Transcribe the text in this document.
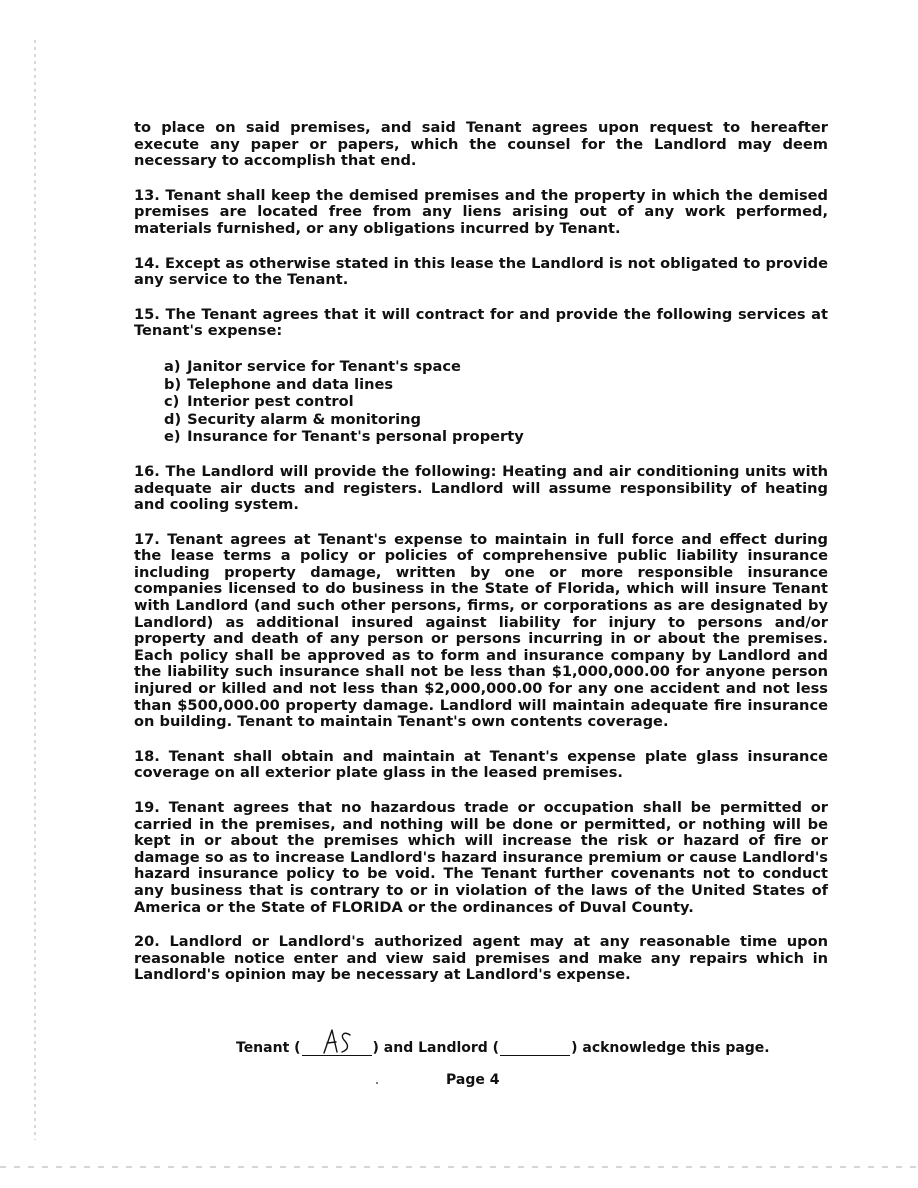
to place on said premises, and said Tenant agrees upon request to hereafter execute any paper or papers, which the counsel for the Landlord may deem necessary to accomplish that end.

13. Tenant shall keep the demised premises and the property in which the demised premises are located free from any liens arising out of any work performed, materials furnished, or any obligations incurred by Tenant.

14. Except as otherwise stated in this lease the Landlord is not obligated to provide any service to the Tenant.

15. The Tenant agrees that it will contract for and provide the following services at Tenant's expense:

a) Janitor service for Tenant's space
b) Telephone and data lines
c) Interior pest control
d) Security alarm & monitoring
e) Insurance for Tenant's personal property

16. The Landlord will provide the following: Heating and air conditioning units with adequate air ducts and registers. Landlord will assume responsibility of heating and cooling system.

17. Tenant agrees at Tenant's expense to maintain in full force and effect during the lease terms a policy or policies of comprehensive public liability insurance including property damage, written by one or more responsible insurance companies licensed to do business in the State of Florida, which will insure Tenant with Landlord (and such other persons, firms, or corporations as are designated by Landlord) as additional insured against liability for injury to persons and/or property and death of any person or persons incurring in or about the premises. Each policy shall be approved as to form and insurance company by Landlord and the liability such insurance shall not be less than $1,000,000.00 for anyone person injured or killed and not less than $2,000,000.00 for any one accident and not less than $500,000.00 property damage. Landlord will maintain adequate fire insurance on building. Tenant to maintain Tenant's own contents coverage.

18. Tenant shall obtain and maintain at Tenant's expense plate glass insurance coverage on all exterior plate glass in the leased premises.

19. Tenant agrees that no hazardous trade or occupation shall be permitted or carried in the premises, and nothing will be done or permitted, or nothing will be kept in or about the premises which will increase the risk or hazard of fire or damage so as to increase Landlord's hazard insurance premium or cause Landlord's hazard insurance policy to be void. The Tenant further covenants not to conduct any business that is contrary to or in violation of the laws of the United States of America or the State of FLORIDA or the ordinances of Duval County.

20. Landlord or Landlord's authorized agent may at any reasonable time upon reasonable notice enter and view said premises and make any repairs which in Landlord's opinion may be necessary at Landlord's expense.

Tenant (	) and Landlord (	) acknowledge this page.
Page 4
